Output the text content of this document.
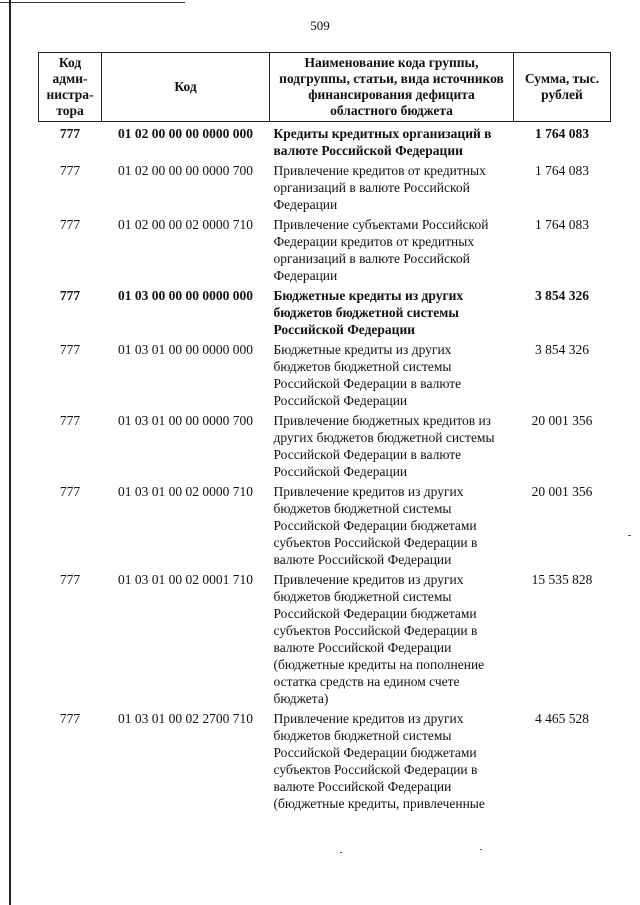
509
Код адми-нистра-тора	Код	Наименование кода группы, подгруппы, статьи, вида источников финансирования дефицита областного бюджета	Сумма, тыс. рублей
777	01 02 00 00 00 0000 000	Кредиты кредитных организаций в валюте Российской Федерации	1 764 083
777	01 02 00 00 00 0000 700	Привлечение кредитов от кредитных организаций в валюте Российской Федерации	1 764 083
777	01 02 00 00 02 0000 710	Привлечение субъектами Российской Федерации кредитов от кредитных организаций в валюте Российской Федерации	1 764 083
777	01 03 00 00 00 0000 000	Бюджетные кредиты из других бюджетов бюджетной системы Российской Федерации	3 854 326
777	01 03 01 00 00 0000 000	Бюджетные кредиты из других бюджетов бюджетной системы Российской Федерации в валюте Российской Федерации	3 854 326
777	01 03 01 00 00 0000 700	Привлечение бюджетных кредитов из других бюджетов бюджетной системы Российской Федерации в валюте Российской Федерации	20 001 356
777	01 03 01 00 02 0000 710	Привлечение кредитов из других бюджетов бюджетной системы Российской Федерации бюджетами субъектов Российской Федерации в валюте Российской Федерации	20 001 356
777	01 03 01 00 02 0001 710	Привлечение кредитов из других бюджетов бюджетной системы Российской Федерации бюджетами субъектов Российской Федерации в валюте Российской Федерации (бюджетные кредиты на пополнение остатка средств на едином счете бюджета)	15 535 828
777	01 03 01 00 02 2700 710	Привлечение кредитов из других бюджетов бюджетной системы Российской Федерации бюджетами субъектов Российской Федерации в валюте Российской Федерации (бюджетные кредиты, привлеченные	4 465 528
